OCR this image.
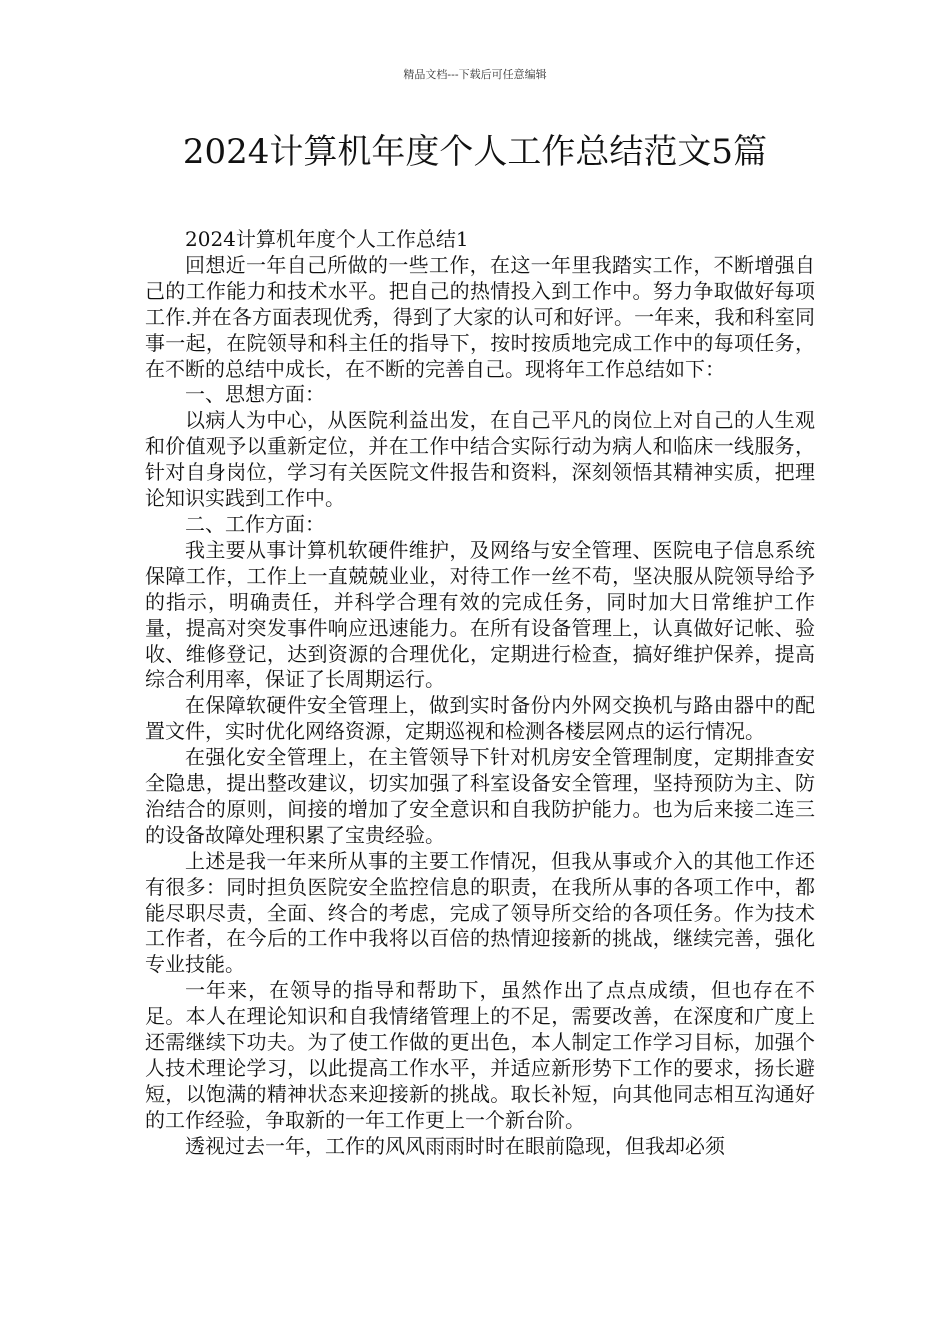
精品文档---下载后可任意编辑
2024计算机年度个人工作总结范文5篇

2024计算机年度个人工作总结1

回想近一年自己所做的一些工作，在这一年里我踏实工作，不断增强自己的工作能力和技术水平。把自己的热情投入到工作中。努力争取做好每项工作.并在各方面表现优秀，得到了大家的认可和好评。一年来，我和科室同事一起，在院领导和科主任的指导下，按时按质地完成工作中的每项任务，在不断的总结中成长，在不断的完善自己。现将年工作总结如下：

一、思想方面：

以病人为中心，从医院利益出发，在自己平凡的岗位上对自己的人生观和价值观予以重新定位，并在工作中结合实际行动为病人和临床一线服务，针对自身岗位，学习有关医院文件报告和资料，深刻领悟其精神实质，把理论知识实践到工作中。

二、工作方面：

我主要从事计算机软硬件维护，及网络与安全管理、医院电子信息系统保障工作，工作上一直兢兢业业，对待工作一丝不苟，坚决服从院领导给予的指示，明确责任，并科学合理有效的完成任务，同时加大日常维护工作量，提高对突发事件响应迅速能力。在所有设备管理上，认真做好记帐、验收、维修登记，达到资源的合理优化，定期进行检查，搞好维护保养，提高综合利用率，保证了长周期运行。

在保障软硬件安全管理上，做到实时备份内外网交换机与路由器中的配置文件，实时优化网络资源，定期巡视和检测各楼层网点的运行情况。

在强化安全管理上，在主管领导下针对机房安全管理制度，定期排查安全隐患，提出整改建议，切实加强了科室设备安全管理，坚持预防为主、防治结合的原则，间接的增加了安全意识和自我防护能力。也为后来接二连三的设备故障处理积累了宝贵经验。

上述是我一年来所从事的主要工作情况，但我从事或介入的其他工作还有很多：同时担负医院安全监控信息的职责，在我所从事的各项工作中，都能尽职尽责，全面、终合的考虑，完成了领导所交给的各项任务。作为技术工作者，在今后的工作中我将以百倍的热情迎接新的挑战，继续完善，强化专业技能。

一年来，在领导的指导和帮助下，虽然作出了点点成绩，但也存在不足。本人在理论知识和自我情绪管理上的不足，需要改善，在深度和广度上还需继续下功夫。为了使工作做的更出色，本人制定工作学习目标，加强个人技术理论学习，以此提高工作水平，并适应新形势下工作的要求，扬长避短，以饱满的精神状态来迎接新的挑战。取长补短，向其他同志相互沟通好的工作经验，争取新的一年工作更上一个新台阶。

透视过去一年，工作的风风雨雨时时在眼前隐现，但我却必须
